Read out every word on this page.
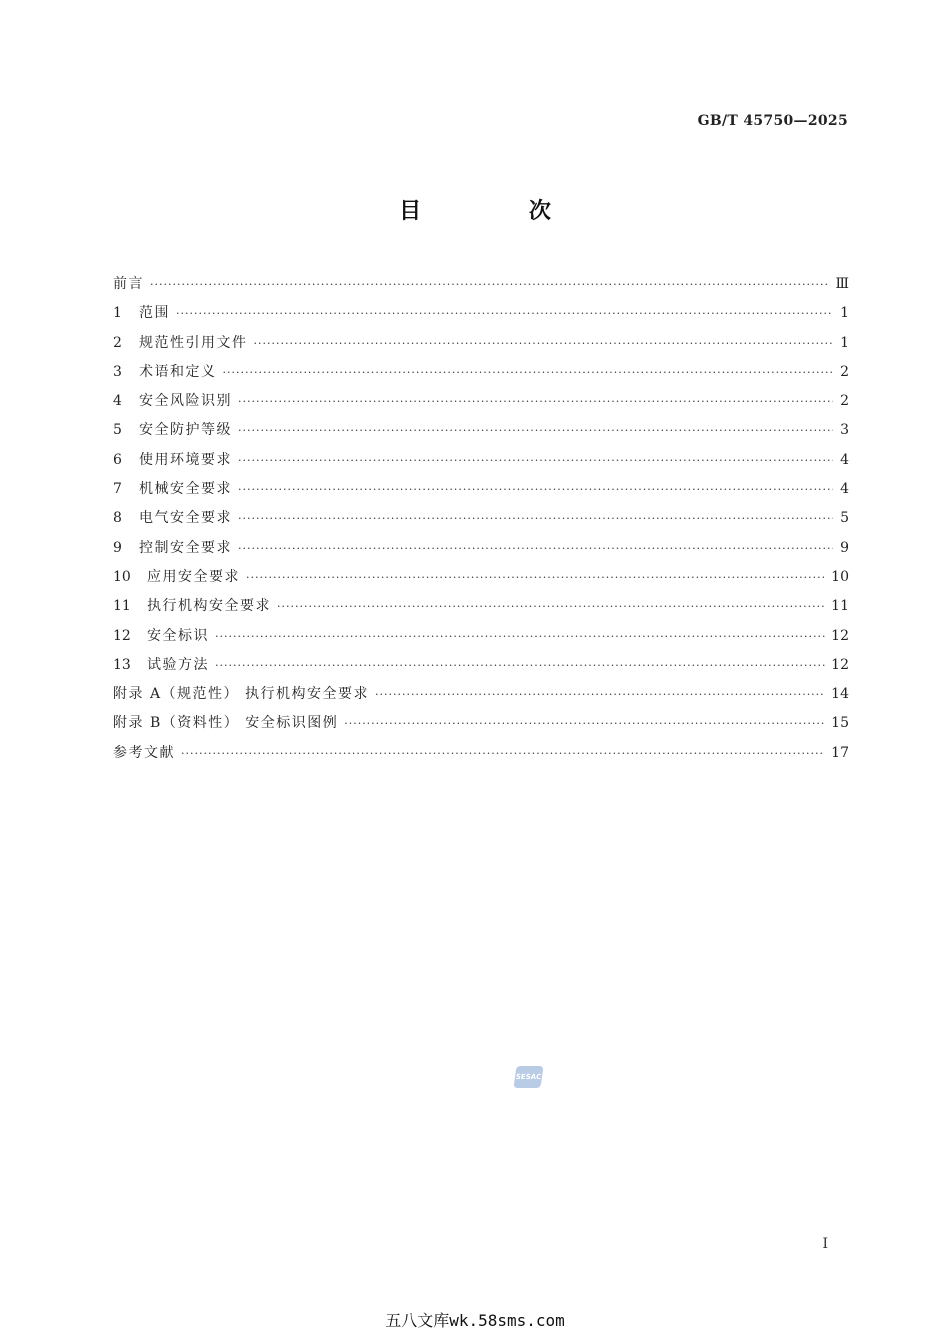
GB/T 45750—2025
目 次
前言 ·····	Ⅲ
1	范围 ·····	1
2	规范性引用文件 ·····	1
3	术语和定义 ·····	2
4	安全风险识别 ·····	2
5	安全防护等级 ·····	3
6	使用环境要求 ·····	4
7	机械安全要求 ·····	4
8	电气安全要求 ·····	5
9	控制安全要求 ·····	9
10	应用安全要求 ·····	10
11	执行机构安全要求 ·····	11
12	安全标识 ·····	12
13	试验方法 ·····	12
附录 A（规范性） 执行机构安全要求 ·····	14
附录 B（资料性） 安全标识图例 ·····	15
参考文献 ·····	17
SESAC
I
五八文库wk.58sms.com
